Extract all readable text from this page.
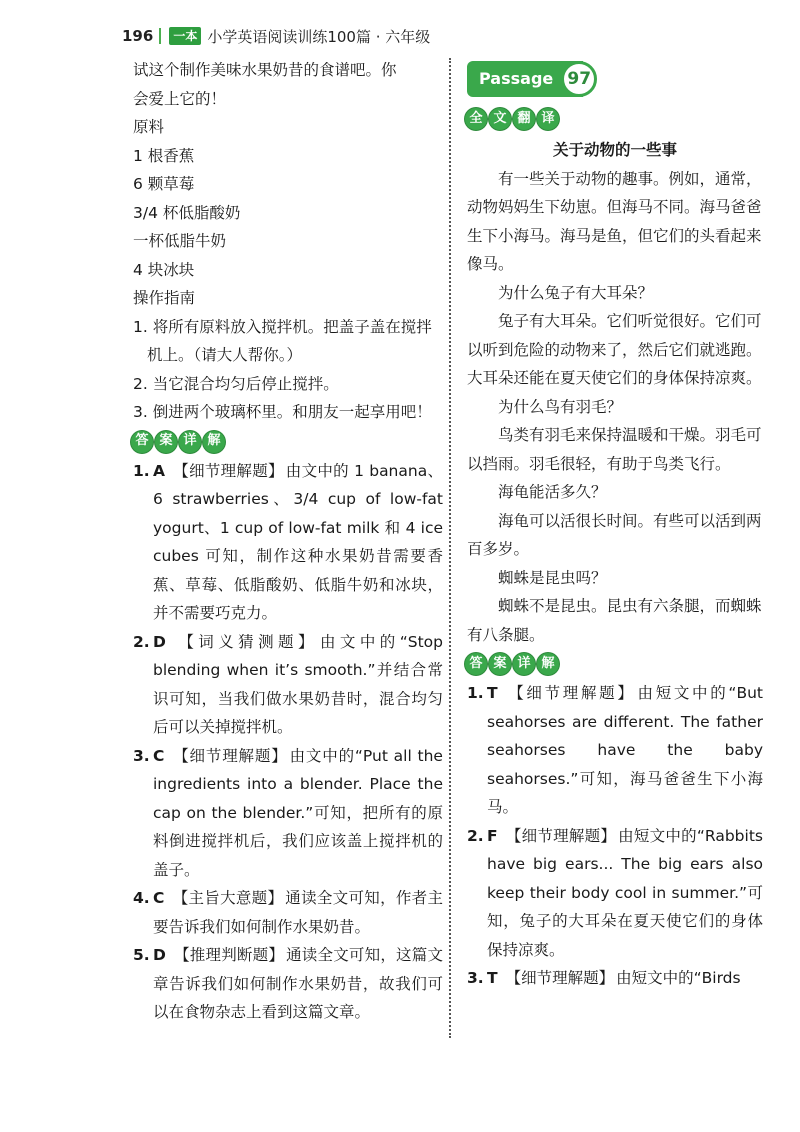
196	一本 小学英语阅读训练100篇 · 六年级

试这个制作美味水果奶昔的食谱吧。你

会爱上它的！

原料

1 根香蕉

6 颗草莓

3/4 杯低脂酸奶

一杯低脂牛奶

4 块冰块

操作指南

1. 将所有原料放入搅拌机。把盖子盖在搅拌机上。（请大人帮你。）

2. 当它混合均匀后停止搅拌。

3. 倒进两个玻璃杯里。和朋友一起享用吧！

答 案 详 解
1. A 【细节理解题】 由文中的 1 banana、6 strawberries、3/4 cup of low-fat yogurt、1 cup of low-fat milk 和 4 ice cubes 可知，制作这种水果奶昔需要香蕉、草莓、低脂酸奶、低脂牛奶和冰块，并不需要巧克力。
2. D 【词义猜测题】 由文中的“Stop blending when it’s smooth.”并结合常识可知，当我们做水果奶昔时，混合均匀后可以关掉搅拌机。
3. C 【细节理解题】 由文中的“Put all the ingredients into a blender. Place the cap on the blender.”可知，把所有的原料倒进搅拌机后，我们应该盖上搅拌机的盖子。
4. C 【主旨大意题】 通读全文可知，作者主要告诉我们如何制作水果奶昔。
5. D 【推理判断题】 通读全文可知，这篇文章告诉我们如何制作水果奶昔，故我们可以在食物杂志上看到这篇文章。
Passage 97
全 文 翻 译

关于动物的一些事

有一些关于动物的趣事。例如，通常，动物妈妈生下幼崽。但海马不同。海马爸爸生下小海马。海马是鱼，但它们的头看起来像马。

为什么兔子有大耳朵？

兔子有大耳朵。它们听觉很好。它们可以听到危险的动物来了，然后它们就逃跑。大耳朵还能在夏天使它们的身体保持凉爽。

为什么鸟有羽毛？

鸟类有羽毛来保持温暖和干燥。羽毛可以挡雨。羽毛很轻，有助于鸟类飞行。

海龟能活多久？

海龟可以活很长时间。有些可以活到两百多岁。

蜘蛛是昆虫吗？

蜘蛛不是昆虫。昆虫有六条腿，而蜘蛛有八条腿。

答 案 详 解
1. T 【细节理解题】 由短文中的“But seahorses are different. The father seahorses have the baby seahorses.”可知，海马爸爸生下小海马。
2. F 【细节理解题】 由短文中的“Rabbits have big ears... The big ears also keep their body cool in summer.”可知，兔子的大耳朵在夏天使它们的身体保持凉爽。
3. T 【细节理解题】 由短文中的“Birds
